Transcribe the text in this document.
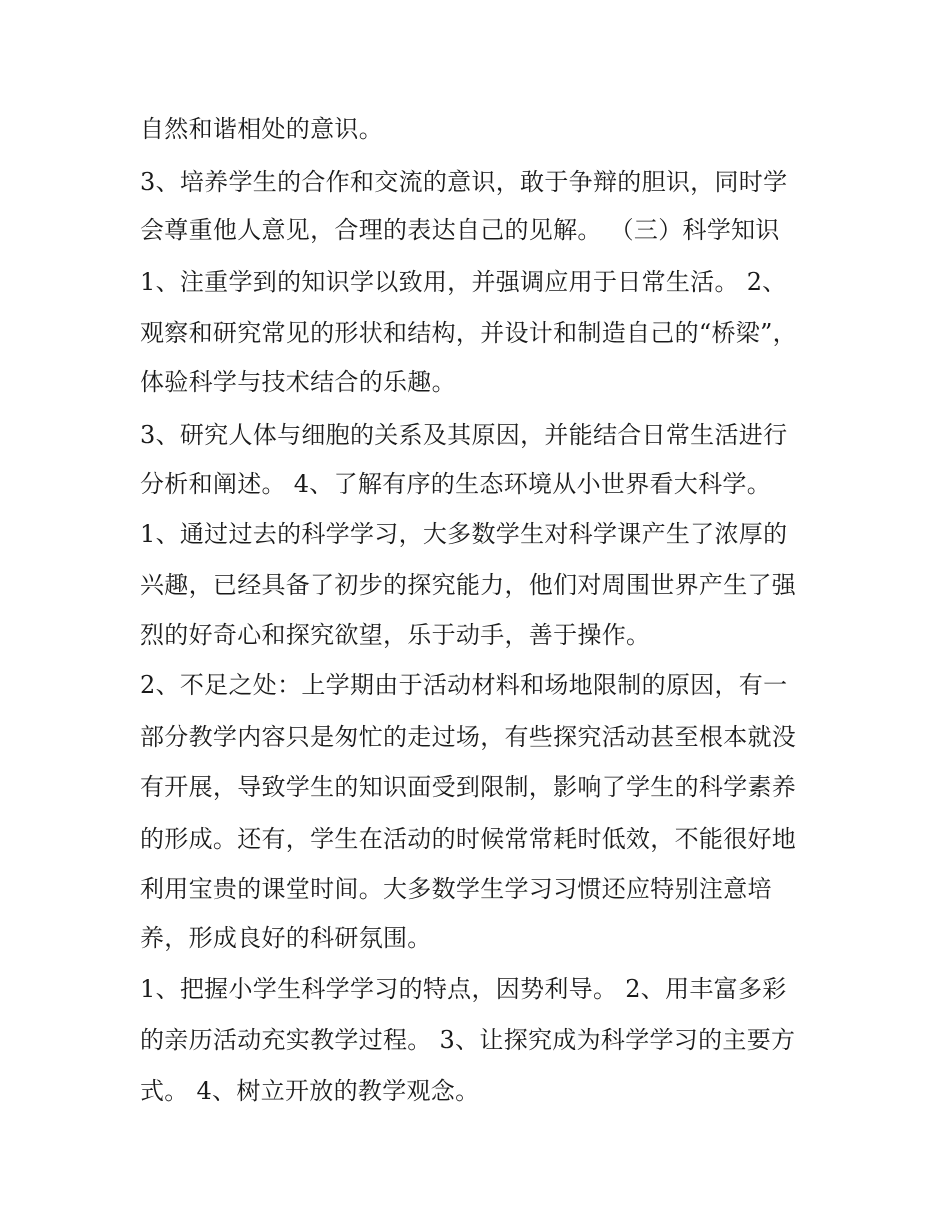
自然和谐相处的意识。
3、培养学生的合作和交流的意识，敢于争辩的胆识，同时学
会尊重他人意见，合理的表达自己的见解。 （三）科学知识
1、注重学到的知识学以致用，并强调应用于日常生活。 2、
观察和研究常见的形状和结构，并设计和制造自己的“桥梁”，
体验科学与技术结合的乐趣。
3、研究人体与细胞的关系及其原因，并能结合日常生活进行
分析和阐述。 4、了解有序的生态环境从小世界看大科学。
1、通过过去的科学学习，大多数学生对科学课产生了浓厚的
兴趣，已经具备了初步的探究能力，他们对周围世界产生了强
烈的好奇心和探究欲望，乐于动手，善于操作。
2、不足之处：上学期由于活动材料和场地限制的原因，有一
部分教学内容只是匆忙的走过场，有些探究活动甚至根本就没
有开展，导致学生的知识面受到限制，影响了学生的科学素养
的形成。还有，学生在活动的时候常常耗时低效，不能很好地
利用宝贵的课堂时间。大多数学生学习习惯还应特别注意培
养，形成良好的科研氛围。
1、把握小学生科学学习的特点，因势利导。 2、用丰富多彩
的亲历活动充实教学过程。 3、让探究成为科学学习的主要方
式。 4、树立开放的教学观念。
